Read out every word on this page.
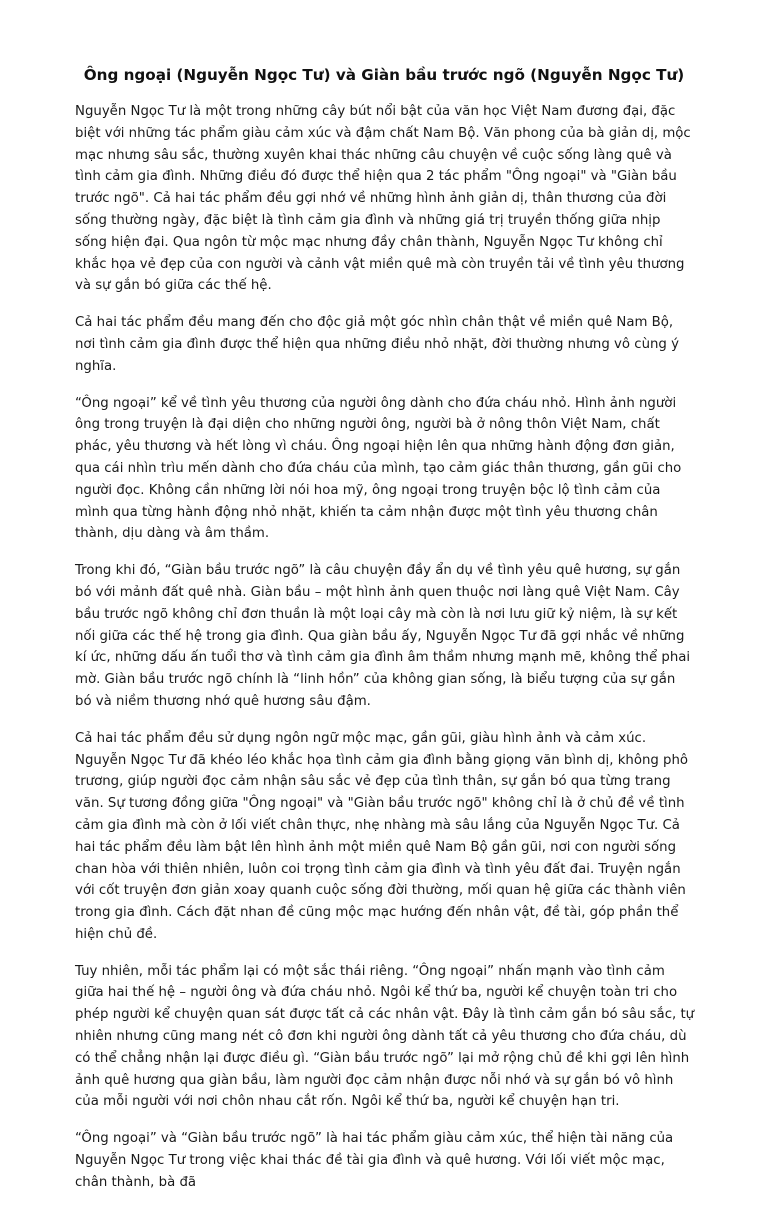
Ông ngoại (Nguyễn Ngọc Tư) và Giàn bầu trước ngõ (Nguyễn Ngọc Tư)

Nguyễn Ngọc Tư là một trong những cây bút nổi bật của văn học Việt Nam đương đại, đặc biệt với những tác phẩm giàu cảm xúc và đậm chất Nam Bộ. Văn phong của bà giản dị, mộc mạc nhưng sâu sắc, thường xuyên khai thác những câu chuyện về cuộc sống làng quê và tình cảm gia đình. Những điều đó được thể hiện qua 2 tác phẩm "Ông ngoại" và "Giàn bầu trước ngõ". Cả hai tác phẩm đều gợi nhớ về những hình ảnh giản dị, thân thương của đời sống thường ngày, đặc biệt là tình cảm gia đình và những giá trị truyền thống giữa nhịp sống hiện đại. Qua ngôn từ mộc mạc nhưng đầy chân thành, Nguyễn Ngọc Tư không chỉ khắc họa vẻ đẹp của con người và cảnh vật miền quê mà còn truyền tải về tình yêu thương và sự gắn bó giữa các thế hệ.

Cả hai tác phẩm đều mang đến cho độc giả một góc nhìn chân thật về miền quê Nam Bộ, nơi tình cảm gia đình được thể hiện qua những điều nhỏ nhặt, đời thường nhưng vô cùng ý nghĩa.

“Ông ngoại” kể về tình yêu thương của người ông dành cho đứa cháu nhỏ. Hình ảnh người ông trong truyện là đại diện cho những người ông, người bà ở nông thôn Việt Nam, chất phác, yêu thương và hết lòng vì cháu. Ông ngoại hiện lên qua những hành động đơn giản, qua cái nhìn trìu mến dành cho đứa cháu của mình, tạo cảm giác thân thương, gần gũi cho người đọc. Không cần những lời nói hoa mỹ, ông ngoại trong truyện bộc lộ tình cảm của mình qua từng hành động nhỏ nhặt, khiến ta cảm nhận được một tình yêu thương chân thành, dịu dàng và âm thầm.

Trong khi đó, “Giàn bầu trước ngõ” là câu chuyện đầy ẩn dụ về tình yêu quê hương, sự gắn bó với mảnh đất quê nhà. Giàn bầu – một hình ảnh quen thuộc nơi làng quê Việt Nam. Cây bầu trước ngõ không chỉ đơn thuần là một loại cây mà còn là nơi lưu giữ kỷ niệm, là sự kết nối giữa các thế hệ trong gia đình. Qua giàn bầu ấy, Nguyễn Ngọc Tư đã gợi nhắc về những kí ức, những dấu ấn tuổi thơ và tình cảm gia đình âm thầm nhưng mạnh mẽ, không thể phai mờ. Giàn bầu trước ngõ chính là “linh hồn” của không gian sống, là biểu tượng của sự gắn bó và niềm thương nhớ quê hương sâu đậm.

Cả hai tác phẩm đều sử dụng ngôn ngữ mộc mạc, gần gũi, giàu hình ảnh và cảm xúc. Nguyễn Ngọc Tư đã khéo léo khắc họa tình cảm gia đình bằng giọng văn bình dị, không phô trương, giúp người đọc cảm nhận sâu sắc vẻ đẹp của tình thân, sự gắn bó qua từng trang văn. Sự tương đồng giữa "Ông ngoại" và "Giàn bầu trước ngõ" không chỉ là ở chủ đề về tình cảm gia đình mà còn ở lối viết chân thực, nhẹ nhàng mà sâu lắng của Nguyễn Ngọc Tư. Cả hai tác phẩm đều làm bật lên hình ảnh một miền quê Nam Bộ gần gũi, nơi con người sống chan hòa với thiên nhiên, luôn coi trọng tình cảm gia đình và tình yêu đất đai. Truyện ngắn với cốt truyện đơn giản xoay quanh cuộc sống đời thường, mối quan hệ giữa các thành viên trong gia đình. Cách đặt nhan đề cũng mộc mạc hướng đến nhân vật, đề tài, góp phần thể hiện chủ đề.

Tuy nhiên, mỗi tác phẩm lại có một sắc thái riêng. “Ông ngoại” nhấn mạnh vào tình cảm giữa hai thế hệ – người ông và đứa cháu nhỏ. Ngôi kể thứ ba, người kể chuyện toàn tri cho phép người kể chuyện quan sát được tất cả các nhân vật. Đây là tình cảm gắn bó sâu sắc, tự nhiên nhưng cũng mang nét cô đơn khi người ông dành tất cả yêu thương cho đứa cháu, dù có thể chẳng nhận lại được điều gì. “Giàn bầu trước ngõ” lại mở rộng chủ đề khi gợi lên hình ảnh quê hương qua giàn bầu, làm người đọc cảm nhận được nỗi nhớ và sự gắn bó vô hình của mỗi người với nơi chôn nhau cắt rốn. Ngôi kể thứ ba, người kể chuyện hạn tri.

“Ông ngoại” và “Giàn bầu trước ngõ” là hai tác phẩm giàu cảm xúc, thể hiện tài năng của Nguyễn Ngọc Tư trong việc khai thác đề tài gia đình và quê hương. Với lối viết mộc mạc, chân thành, bà đã
